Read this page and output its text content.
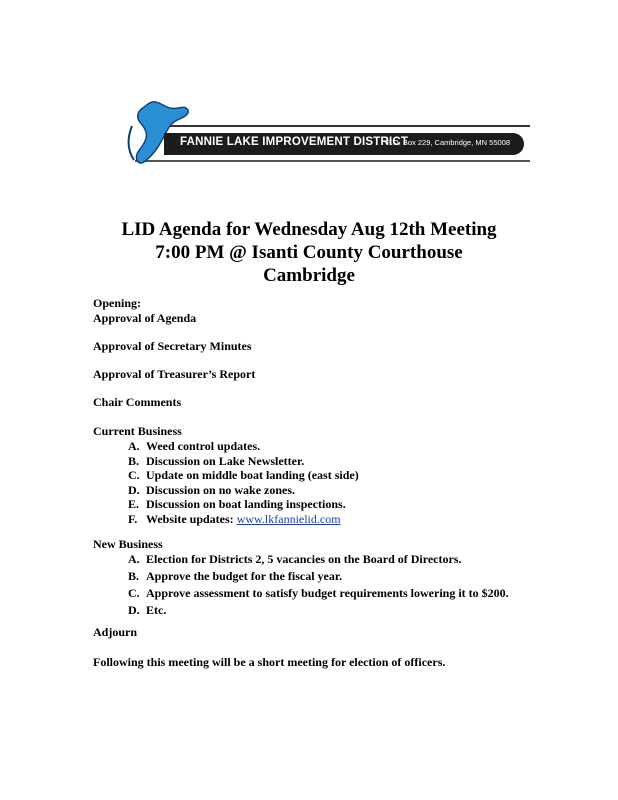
FANNIE LAKE IMPROVEMENT DISTRICT
P.O. Box 229, Cambridge, MN 55008
LID Agenda for Wednesday Aug 12th Meeting
7:00 PM @ Isanti County Courthouse
Cambridge
Opening:
Approval of Agenda
Approval of Secretary Minutes
Approval of Treasurer’s Report
Chair Comments
Current Business
A. Weed control updates.
B. Discussion on Lake Newsletter.
C. Update on middle boat landing (east side)
D. Discussion on no wake zones.
E. Discussion on boat landing inspections.
F. Website updates: www.lkfannielid.com
New Business
A. Election for Districts 2, 5 vacancies on the Board of Directors.
B. Approve the budget for the fiscal year.
C. Approve assessment to satisfy budget requirements lowering it to $200.
D. Etc.
Adjourn
Following this meeting will be a short meeting for election of officers.
